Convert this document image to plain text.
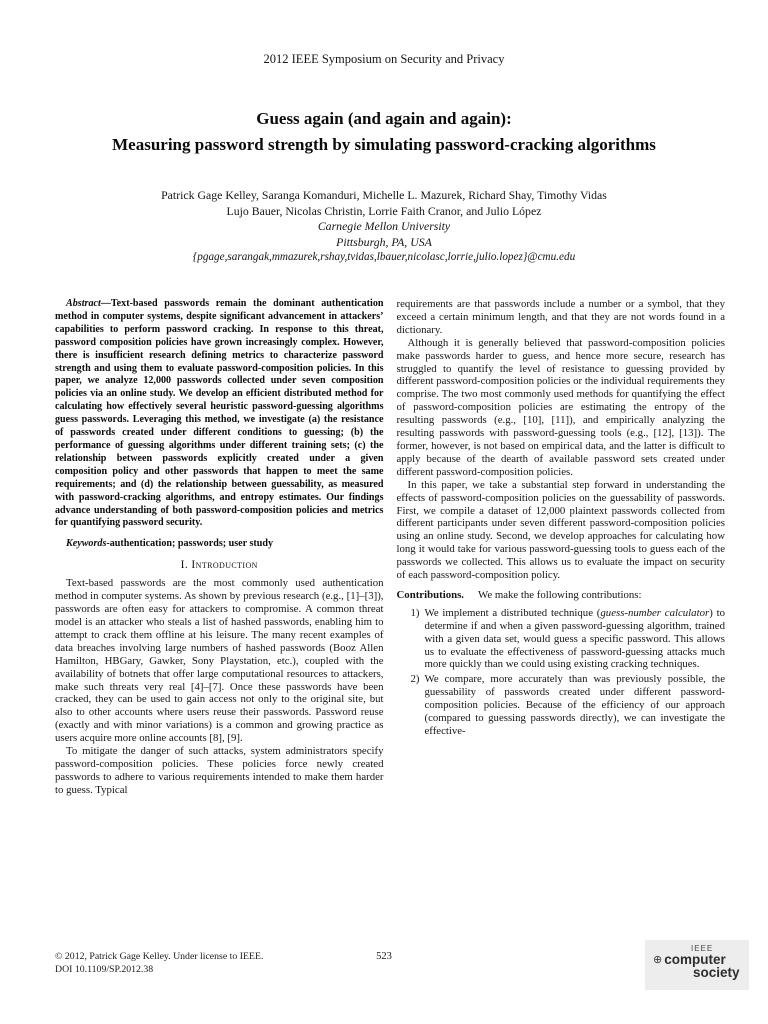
2012 IEEE Symposium on Security and Privacy
Guess again (and again and again):
Measuring password strength by simulating password-cracking algorithms
Patrick Gage Kelley, Saranga Komanduri, Michelle L. Mazurek, Richard Shay, Timothy Vidas
Lujo Bauer, Nicolas Christin, Lorrie Faith Cranor, and Julio López
Carnegie Mellon University
Pittsburgh, PA, USA
{pgage,sarangak,mmazurek,rshay,tvidas,lbauer,nicolasc,lorrie,julio.lopez}@cmu.edu

Abstract—Text-based passwords remain the dominant authentication method in computer systems, despite significant advancement in attackers’ capabilities to perform password cracking. In response to this threat, password composition policies have grown increasingly complex. However, there is insufficient research defining metrics to characterize password strength and using them to evaluate password-composition policies. In this paper, we analyze 12,000 passwords collected under seven composition policies via an online study. We develop an efficient distributed method for calculating how effectively several heuristic password-guessing algorithms guess passwords. Leveraging this method, we investigate (a) the resistance of passwords created under different conditions to guessing; (b) the performance of guessing algorithms under different training sets; (c) the relationship between passwords explicitly created under a given composition policy and other passwords that happen to meet the same requirements; and (d) the relationship between guessability, as measured with password-cracking algorithms, and entropy estimates. Our findings advance understanding of both password-composition policies and metrics for quantifying password security.

Keywords-authentication; passwords; user study

I. Introduction

Text-based passwords are the most commonly used authentication method in computer systems. As shown by previous research (e.g., [1]–[3]), passwords are often easy for attackers to compromise. A common threat model is an attacker who steals a list of hashed passwords, enabling him to attempt to crack them offline at his leisure. The many recent examples of data breaches involving large numbers of hashed passwords (Booz Allen Hamilton, HBGary, Gawker, Sony Playstation, etc.), coupled with the availability of botnets that offer large computational resources to attackers, make such threats very real [4]–[7]. Once these passwords have been cracked, they can be used to gain access not only to the original site, but also to other accounts where users reuse their passwords. Password reuse (exactly and with minor variations) is a common and growing practice as users acquire more online accounts [8], [9].

To mitigate the danger of such attacks, system administrators specify password-composition policies. These policies force newly created passwords to adhere to various requirements intended to make them harder to guess. Typical

requirements are that passwords include a number or a symbol, that they exceed a certain minimum length, and that they are not words found in a dictionary.

Although it is generally believed that password-composition policies make passwords harder to guess, and hence more secure, research has struggled to quantify the level of resistance to guessing provided by different password-composition policies or the individual requirements they comprise. The two most commonly used methods for quantifying the effect of password-composition policies are estimating the entropy of the resulting passwords (e.g., [10], [11]), and empirically analyzing the resulting passwords with password-guessing tools (e.g., [12], [13]). The former, however, is not based on empirical data, and the latter is difficult to apply because of the dearth of available password sets created under different password-composition policies.

In this paper, we take a substantial step forward in understanding the effects of password-composition policies on the guessability of passwords. First, we compile a dataset of 12,000 plaintext passwords collected from different participants under seven different password-composition policies using an online study. Second, we develop approaches for calculating how long it would take for various password-guessing tools to guess each of the passwords we collected. This allows us to evaluate the impact on security of each password-composition policy.

Contributions. We make the following contributions:

1) We implement a distributed technique (guess-number calculator) to determine if and when a given password-guessing algorithm, trained with a given data set, would guess a specific password. This allows us to evaluate the effectiveness of password-guessing attacks much more quickly than we could using existing cracking techniques.
2) We compare, more accurately than was previously possible, the guessability of passwords created under different password-composition policies. Because of the efficiency of our approach (compared to guessing passwords directly), we can investigate the effective-
© 2012, Patrick Gage Kelley. Under license to IEEE.
DOI 10.1109/SP.2012.38
523
IEEE
⊕ computer
society
